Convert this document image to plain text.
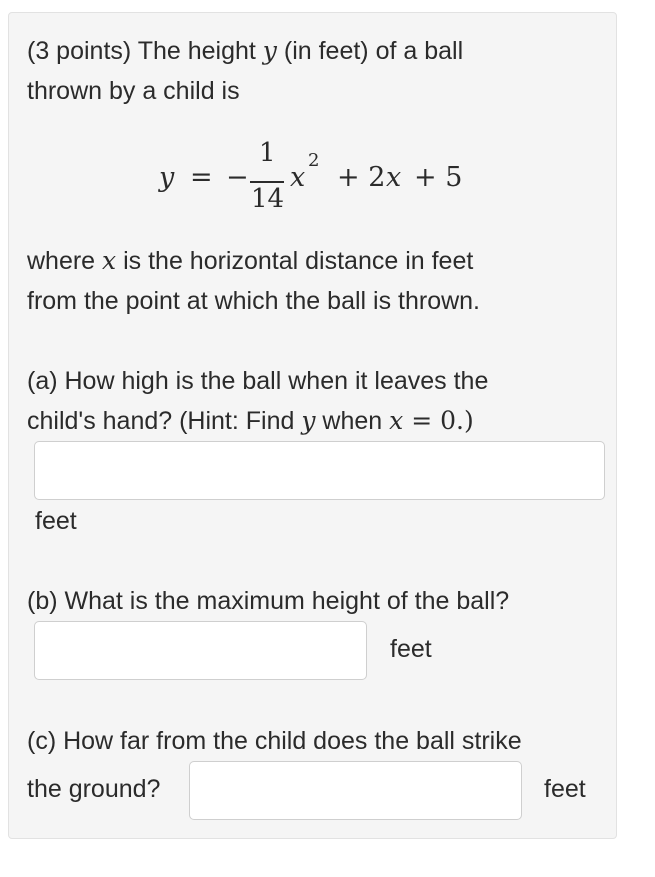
(3 points) The height y (in feet) of a ball
thrown by a child is
y = −
1
14
x
2
+ 2 x + 5
where x is the horizontal distance in feet
from the point at which the ball is thrown.
(a) How high is the ball when it leaves the
child's hand? (Hint: Find y when x = 0.)
feet
(b) What is the maximum height of the ball?
feet
(c) How far from the child does the ball strike
the ground?	feet
